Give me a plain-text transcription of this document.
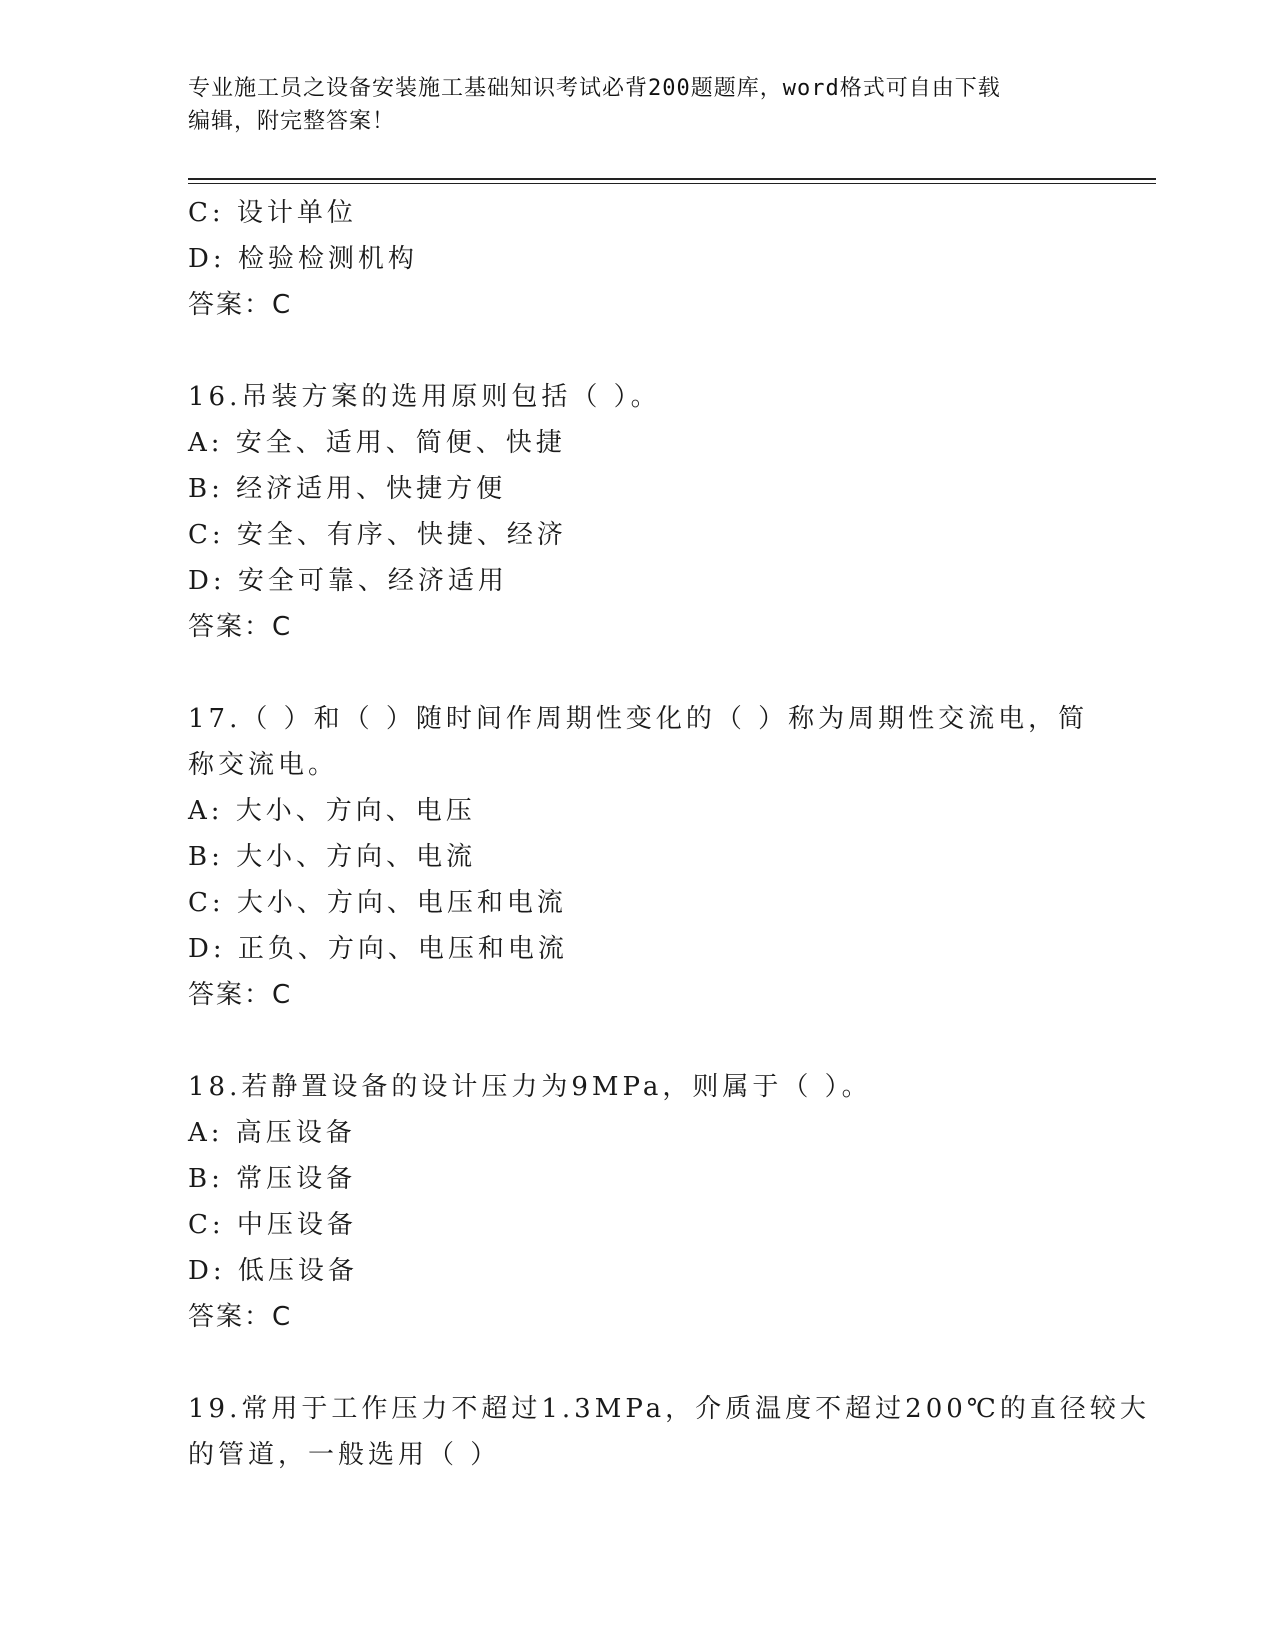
专业施工员之设备安装施工基础知识考试必背200题题库，word格式可自由下载
编辑，附完整答案！
C: 设计单位
D: 检验检测机构
答案：C
16.吊装方案的选用原则包括（ ）。
A: 安全、适用、简便、快捷
B: 经济适用、快捷方便
C: 安全、有序、快捷、经济
D: 安全可靠、经济适用
答案：C
17.（ ）和（ ）随时间作周期性变化的（ ）称为周期性交流电，简
称交流电。
A: 大小、方向、电压
B: 大小、方向、电流
C: 大小、方向、电压和电流
D: 正负、方向、电压和电流
答案：C
18.若静置设备的设计压力为9MPa，则属于（ ）。
A: 高压设备
B: 常压设备
C: 中压设备
D: 低压设备
答案：C
19.常用于工作压力不超过1.3MPa，介质温度不超过200℃的直径较大
的管道，一般选用（ ）
